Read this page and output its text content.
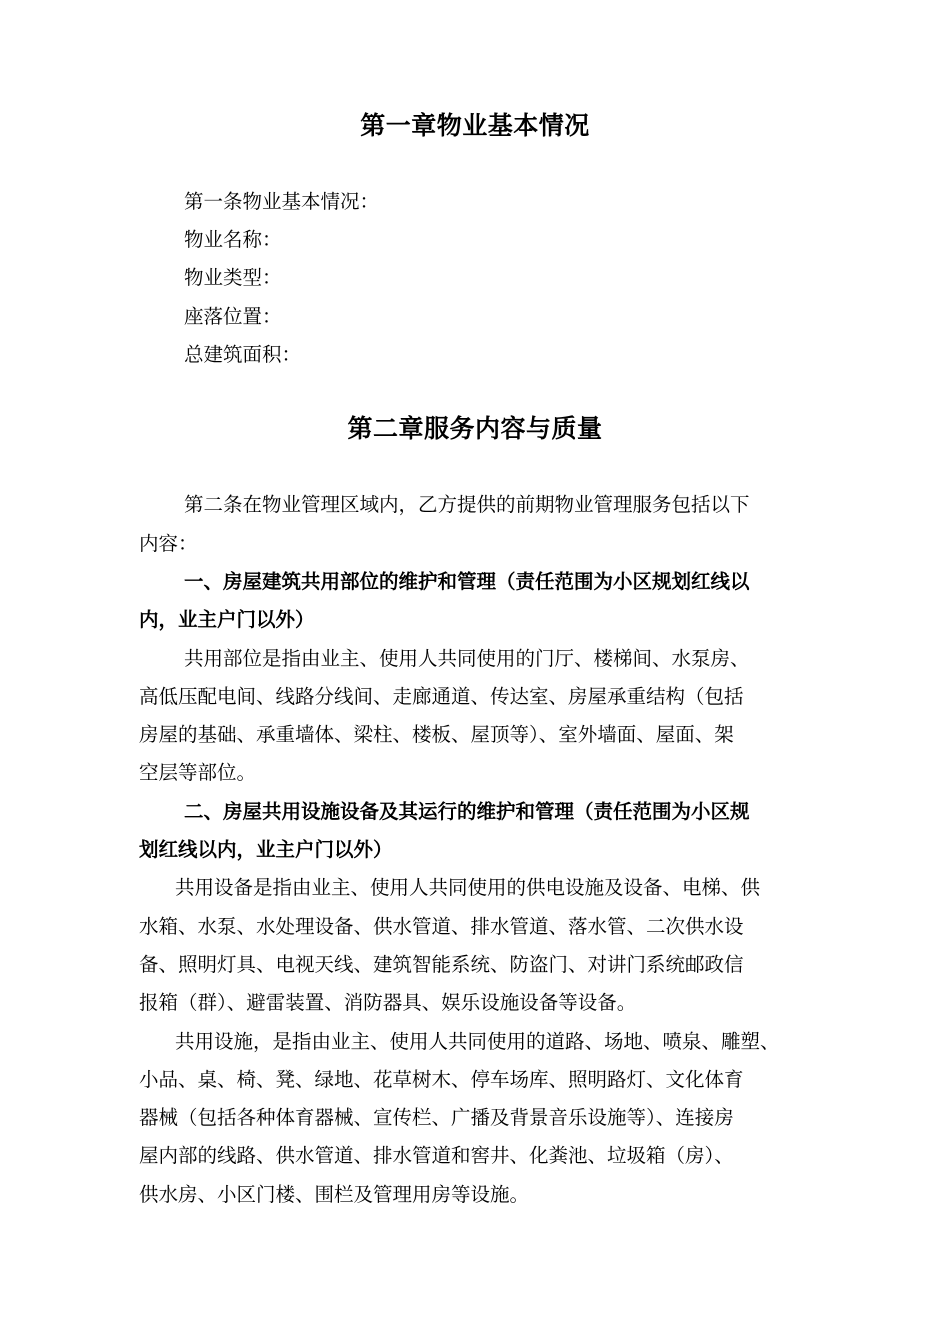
第一章物业基本情况
第一条物业基本情况：
物业名称：
物业类型：
座落位置：
总建筑面积：
第二章服务内容与质量
第二条在物业管理区域内，乙方提供的前期物业管理服务包括以下
内容：
一、房屋建筑共用部位的维护和管理（责任范围为小区规划红线以
内，业主户门以外）
共用部位是指由业主、使用人共同使用的门厅、楼梯间、水泵房、
高低压配电间、线路分线间、走廊通道、传达室、房屋承重结构（包括
房屋的基础、承重墙体、梁柱、楼板、屋顶等）、室外墙面、屋面、架
空层等部位。
二、房屋共用设施设备及其运行的维护和管理（责任范围为小区规
划红线以内，业主户门以外）
共用设备是指由业主、使用人共同使用的供电设施及设备、电梯、供
水箱、水泵、水处理设备、供水管道、排水管道、落水管、二次供水设
备、照明灯具、电视天线、建筑智能系统、防盗门、对讲门系统邮政信
报箱（群）、避雷装置、消防器具、娱乐设施设备等设备。
共用设施，是指由业主、使用人共同使用的道路、场地、喷泉、雕塑、
小品、桌、椅、凳、绿地、花草树木、停车场库、照明路灯、文化体育
器械（包括各种体育器械、宣传栏、广播及背景音乐设施等）、连接房
屋内部的线路、供水管道、排水管道和窖井、化粪池、垃圾箱（房）、
供水房、小区门楼、围栏及管理用房等设施。
